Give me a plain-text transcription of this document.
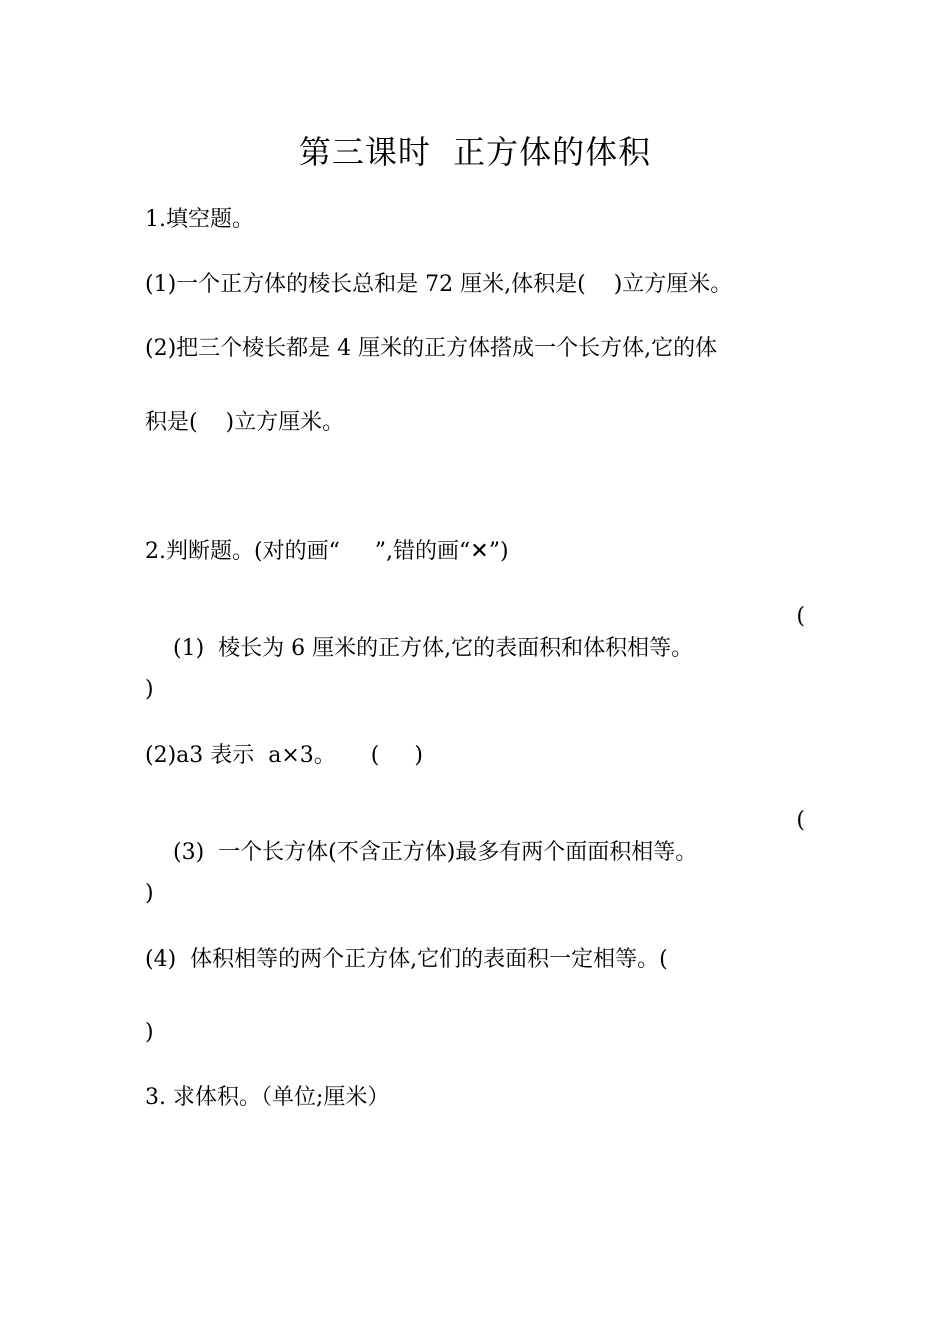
第三课时  正方体的体积
1.填空题。
(1)一个正方体的棱长总和是 72 厘米,体积是(    )立方厘米。
(2)把三个棱长都是 4 厘米的正方体搭成一个长方体,它的体
积是(    )立方厘米。
2.判断题。(对的画“     ”,错的画“✕”)

(1)  棱长为 6 厘米的正方体,它的表面积和体积相等。

(

)
(2)a3 表示  a×3。     (     )

(3)  一个长方体(不含正方体)最多有两个面面积相等。

(

)
(4)  体积相等的两个正方体,它们的表面积一定相等。(
)
3. 求体积。（单位;厘米）
